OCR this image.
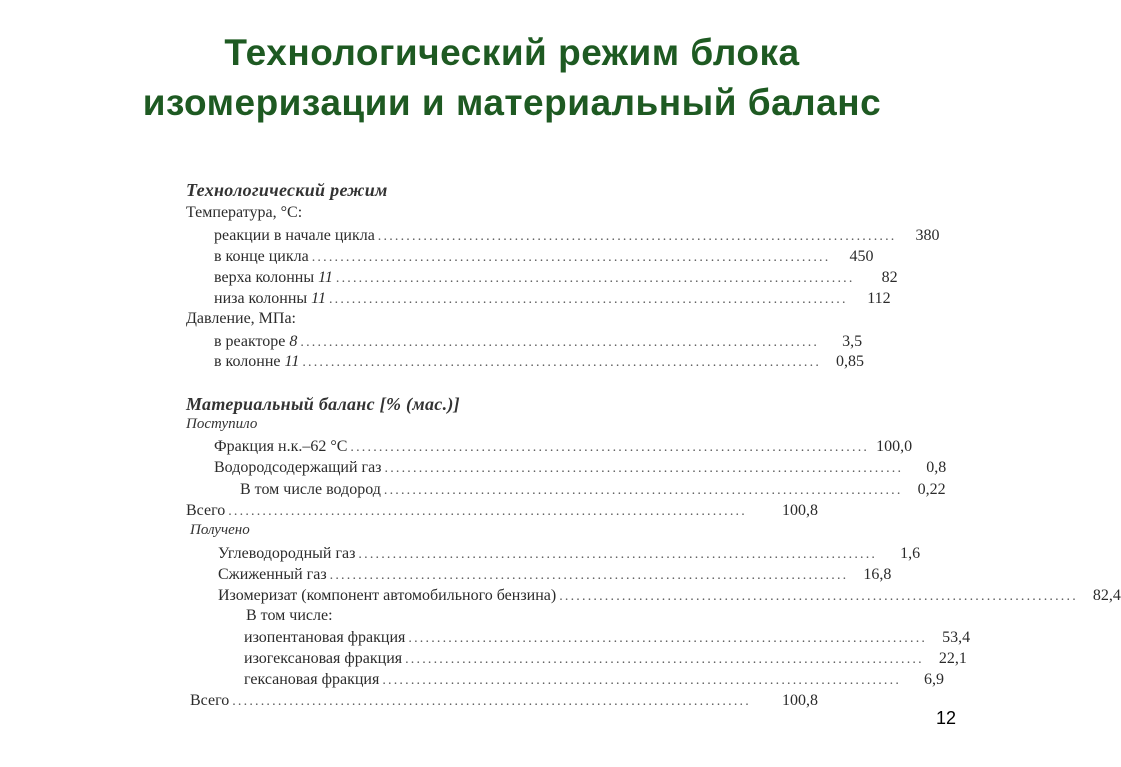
Технологический режим блока
изомеризации и материальный баланс
Технологический режим
Температура, °С:
реакции в начале цикла ...........................................................................................	380
в конце цикла ...........................................................................................	450
верха колонны 11 ...........................................................................................	82
низа колонны 11 ...........................................................................................	112
Давление, МПа:
в реакторе 8 ...........................................................................................	3,5
в колонне 11 ........................................................................................... 0,85
Материальный баланс [% (мас.)]
Поступило
Фракция н.к.–62 °С ........................................................................................... 100,0
Водородсодержащий газ ...........................................................................................	0,8
В том числе водород ........................................................................................... 0,22
Всего ...........................................................................................	100,8
Получено
Углеводородный газ ...........................................................................................	1,6
Сжиженный газ ........................................................................................... 16,8
Изомеризат (компонент автомобильного бензина) ........................................................................................... 82,4
В том числе:
изопентановая фракция ........................................................................................... 53,4
изогексановая фракция ........................................................................................... 22,1
гексановая фракция ...........................................................................................	6,9
Всего ...........................................................................................	100,8
12
